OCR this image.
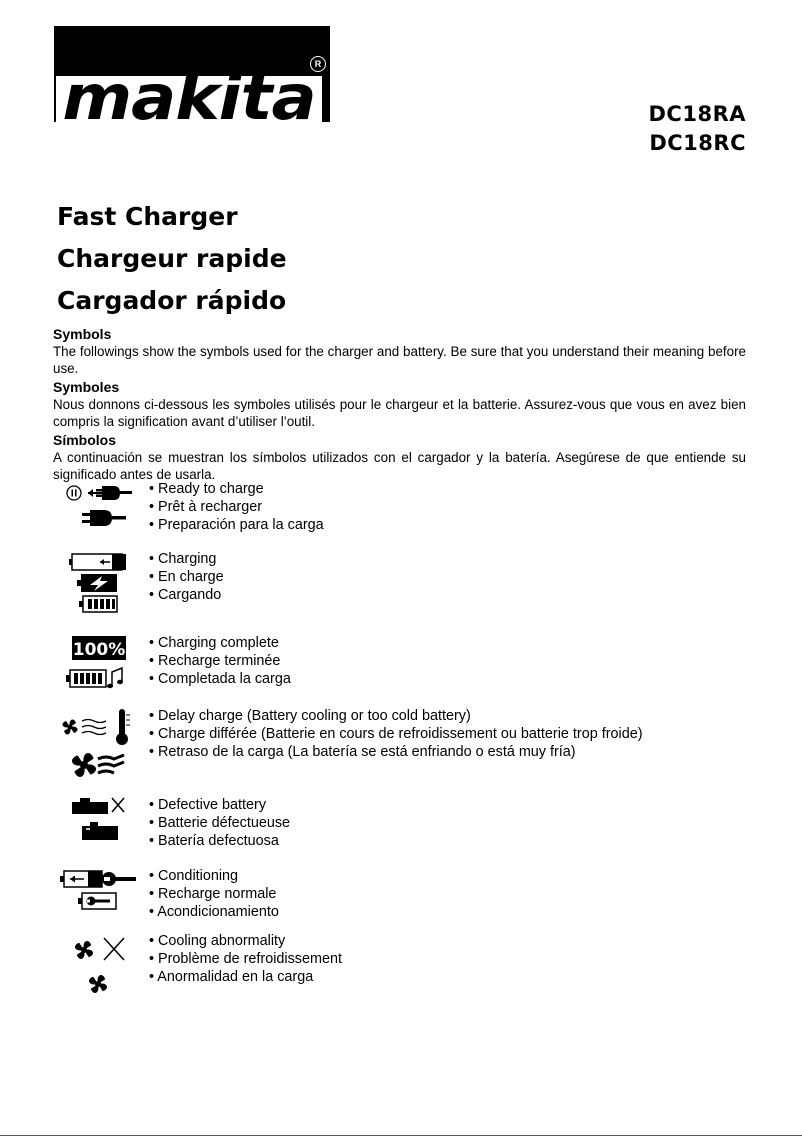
makita R
DC18RA
DC18RC
Fast Charger
Chargeur rapide
Cargador rápido
Symbols

The followings show the symbols used for the charger and battery. Be sure that you understand their meaning before use.

Symboles

Nous donnons ci-dessous les symboles utilisés pour le chargeur et la batterie. Assurez-vous que vous en avez bien compris la signification avant d’utiliser l’outil.

Símbolos

A continuación se muestran los símbolos utilizados con el cargador y la batería. Asegúrese de que entiende su significado antes de usarla.

• Ready to charge
• Prêt à recharger
• Preparación para la carga
• Charging
• En charge
• Cargando
100% • Charging complete
• Recharge terminée
• Completada la carga
• Delay charge (Battery cooling or too cold battery)
• Charge différée (Batterie en cours de refroidissement ou batterie trop froide)
• Retraso de la carga (La batería se está enfriando o está muy fría)
• Defective battery
• Batterie défectueuse
• Batería defectuosa
• Conditioning
• Recharge normale
• Acondicionamiento
• Cooling abnormality
• Problème de refroidissement
• Anormalidad en la carga
